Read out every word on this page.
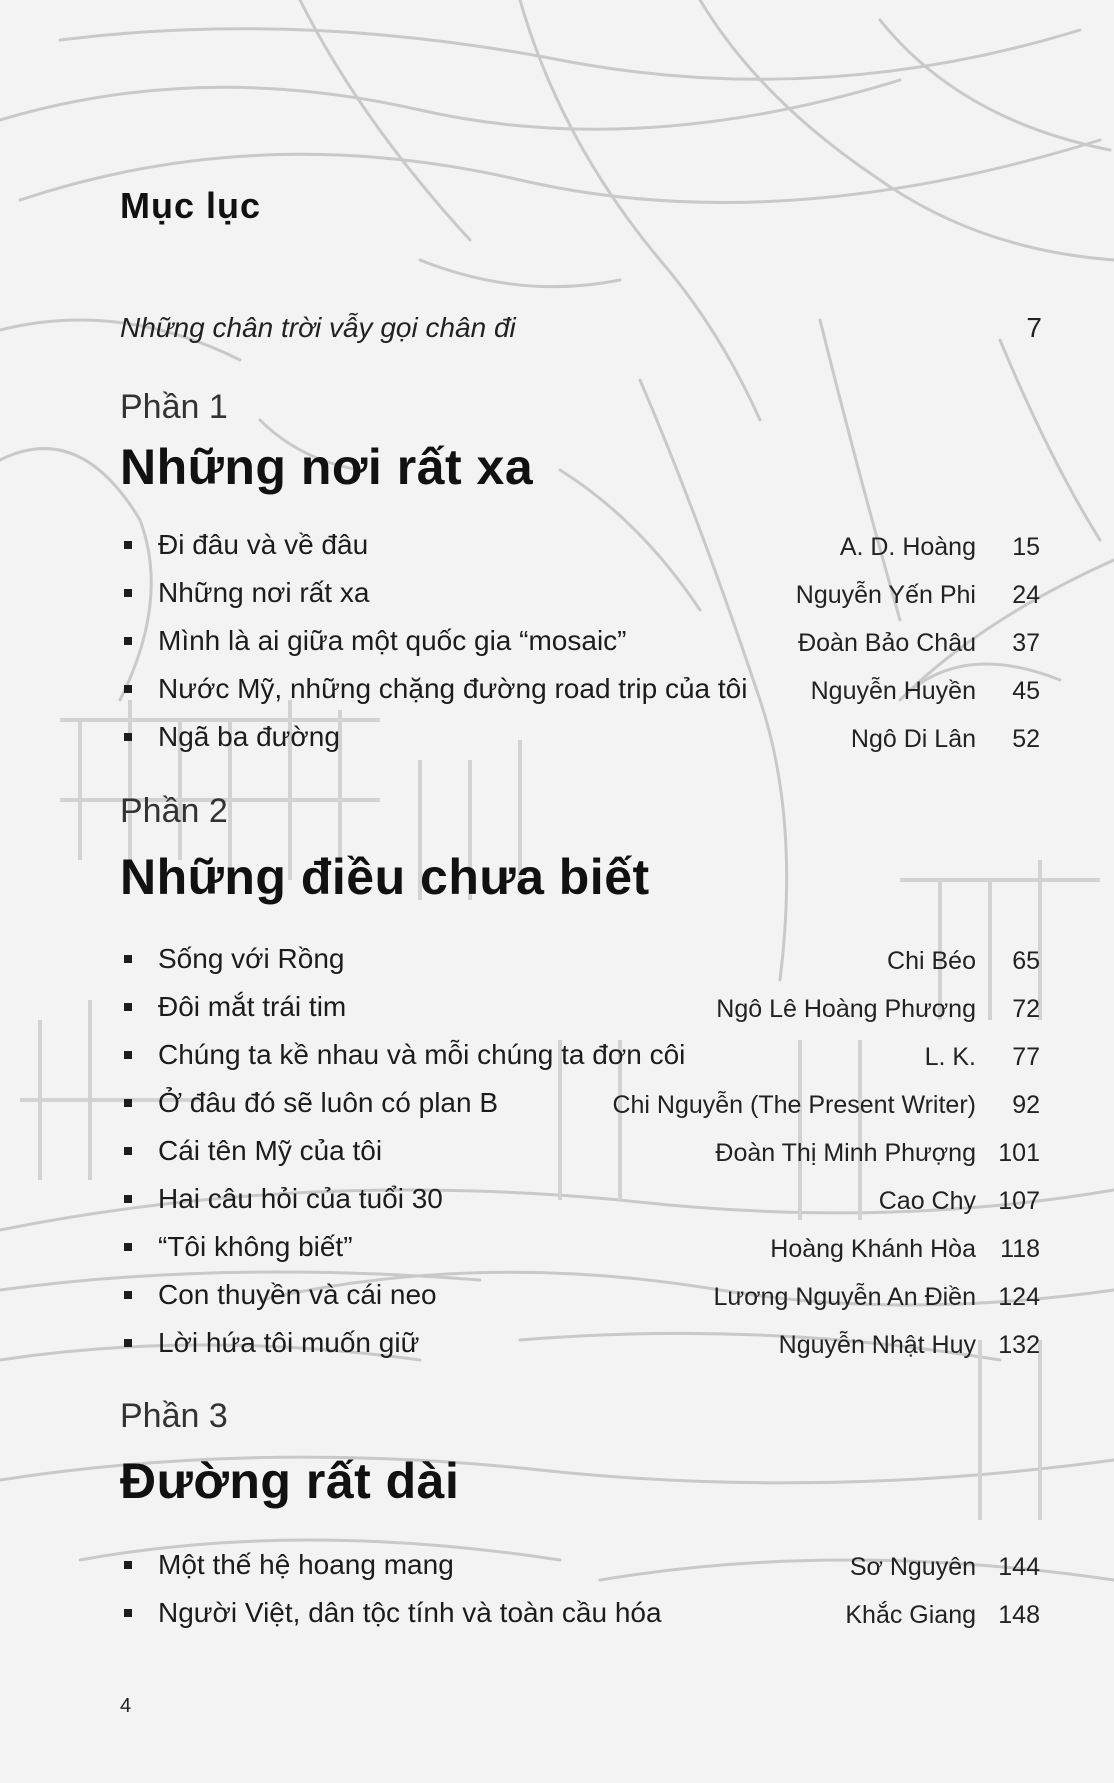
Mục lục
Những chân trời vẫy gọi chân đi	7
Phần 1
Những nơi rất xa
Đi đâu và về đâu	A. D. Hoàng 15
Những nơi rất xa	Nguyễn Yến Phi 24
Mình là ai giữa một quốc gia “mosaic”	Đoàn Bảo Châu 37
Nước Mỹ, những chặng đường road trip của tôi	Nguyễn Huyền 45
Ngã ba đường	Ngô Di Lân 52
Phần 2
Những điều chưa biết
Sống với Rồng	Chi Béo 65
Đôi mắt trái tim	Ngô Lê Hoàng Phương 72
Chúng ta kề nhau và mỗi chúng ta đơn côi	L. K. 77
Ở đâu đó sẽ luôn có plan B	Chi Nguyễn (The Present Writer) 92
Cái tên Mỹ của tôi	Đoàn Thị Minh Phượng 101
Hai câu hỏi của tuổi 30	Cao Chy 107
“Tôi không biết”	Hoàng Khánh Hòa 118
Con thuyền và cái neo	Lương Nguyễn An Điền 124
Lời hứa tôi muốn giữ	Nguyễn Nhật Huy 132
Phần 3
Đường rất dài
Một thế hệ hoang mang	Sơ Nguyên 144
Người Việt, dân tộc tính và toàn cầu hóa	Khắc Giang 148
4
